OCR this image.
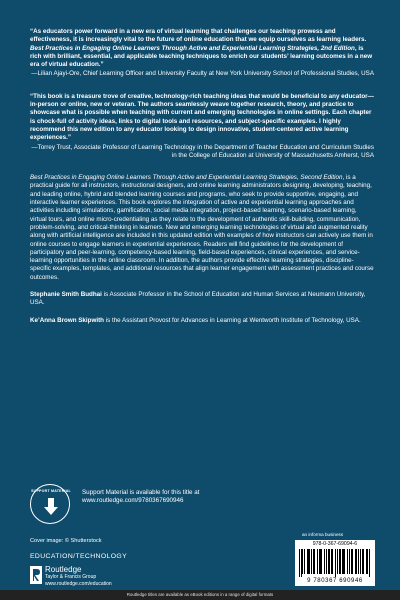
“As educators power forward in a new era of virtual learning that challenges our teaching prowess and effectiveness, it is increasingly vital to the future of online education that we equip ourselves as learning leaders. Best Practices in Engaging Online Learners Through Active and Experiential Learning Strategies, 2nd Edition, is rich with brilliant, essential, and applicable teaching techniques to enrich our students’ learning outcomes in a new era of virtual education.”

—Lilian Ajayi-Ore, Chief Learning Officer and University Faculty at New York University School of Professional Studies, USA

“This book is a treasure trove of creative, technology-rich teaching ideas that would be beneficial to any educator—in-person or online, new or veteran. The authors seamlessly weave together research, theory, and practice to showcase what is possible when teaching with current and emerging technologies in online settings. Each chapter is chock-full of activity ideas, links to digital tools and resources, and subject-specific examples. I highly recommend this new edition to any educator looking to design innovative, student-centered active learning experiences.”

—Torrey Trust, Associate Professor of Learning Technology in the Department of Teacher Education and Curriculum Studies in the College of Education at University of Massachusetts Amherst, USA

Best Practices in Engaging Online Learners Through Active and Experiential Learning Strategies, Second Edition, is a practical guide for all instructors, instructional designers, and online learning administrators designing, developing, teaching, and leading online, hybrid and blended learning courses and programs, who seek to provide supportive, engaging, and interactive learner experiences. This book explores the integration of active and experiential learning approaches and activities including simulations, gamification, social media integration, project-based learning, scenario-based learning, virtual tours, and online micro-credentialing as they relate to the development of authentic skill-building, communication, problem-solving, and critical-thinking in learners. New and emerging learning technologies of virtual and augmented reality along with artificial intelligence are included in this updated edition with examples of how instructors can actively use them in online courses to engage learners in experiential experiences. Readers will find guidelines for the development of participatory and peer-learning, competency-based learning, field-based experiences, clinical experiences, and service-learning opportunities in the online classroom. In addition, the authors provide effective learning strategies, discipline-specific examples, templates, and additional resources that align learner engagement with assessment practices and course outcomes.

Stephanie Smith Budhai is Associate Professor in the School of Education and Human Services at Neumann University, USA.

Ke’Anna Brown Skipwith is the Assistant Provost for Advances in Learning at Wentworth Institute of Technology, USA.

SUPPORT MATERIAL Support Material is available for this title at
www.routledge.com/9780367690946
Cover image: © Shutterstock
EDUCATION/TECHNOLOGY
Routledge
Taylor & Francis Group
www.routledge.com/education
an informa business
978-0-367-69094-6
9 780367 690946
Routledge titles are available as eBook editions in a range of digital formats
